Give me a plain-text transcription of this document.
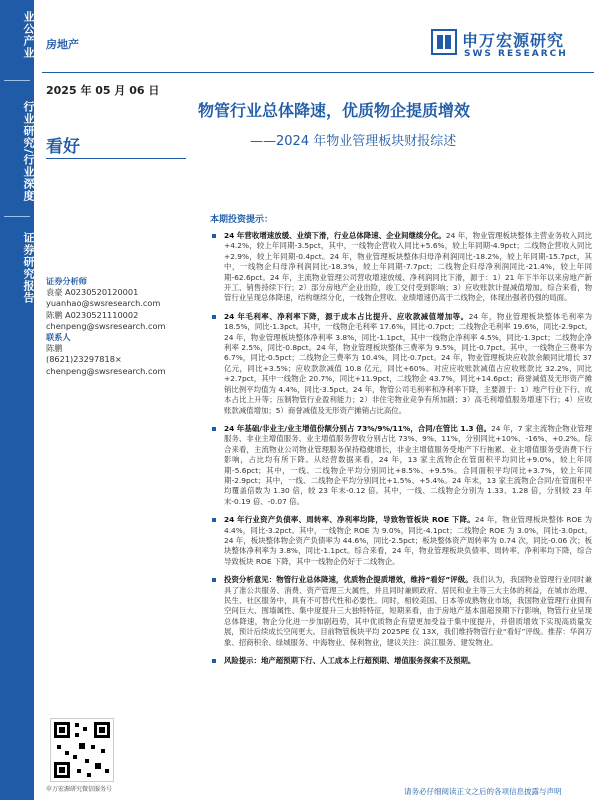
业公产业
行业研究/行业深度
证券研究报告
房地产	申万宏源研究
SWS RESEARCH
2025 年 05 月 06 日
物管行业总体降速，优质物企提质增效
——2024 年物业管理板块财报综述
看好
证券分析师
袁豪 A0230520120001
yuanhao@swsresearch.com
陈鹏 A0230521110002
chenpeng@swsresearch.com
联系人
陈鹏
(8621)23297818×
chenpeng@swsresearch.com
申万宏源研究微信服务号
本期投资提示：
24 年营收增速放缓、业绩下滑，行业总体降速、企业间继续分化。24 年，物业管理板块整体主营业务收入同比+4.2%，较上年同期-3.5pct，其中，一线物企营收入同比+5.6%，较上年同期-4.9pct；二线物企营收入同比+2.9%，较上年同期-0.4pct。24 年，物业管理板块整体归母净利润同比-18.2%，较上年同期-15.7pct，其中，一线物企归母净利润同比-18.3%，较上年同期-7.7pct；二线物企归母净利润同比-21.4%，较上年同期-62.6pct。24 年，主流物业管理公司营收增速放缓、净利润同比下滑，源于：1）21 年下半年以来房地产新开工、销售持续下行；2）部分房地产企业出险，竣工交付受到影响；3）应收账款计提减值增加。综合来看，物管行业呈现总体降速，结构继续分化，一线物企营收、业绩增速仍高于二线物企，体现出强者仍强的局面。
24 年毛利率、净利率下降，源于成本占比提升、应收款减值增加等。24 年，物业管理板块整体毛利率为 18.5%，同比-1.3pct。其中，一线物企毛利率 17.6%，同比-0.7pct；二线物企毛利率 19.6%，同比-2.9pct。24 年，物业管理板块整体净利率 3.8%，同比-1.1pct，其中一线物企净利率 4.5%，同比-1.3pct；二线物企净利率 2.5%，同比-0.8pct。24 年，物业管理板块整体三费率为 9.5%，同比-0.7pct。其中，一线物企三费率为 6.7%，同比-0.5pct；二线物企三费率为 10.4%，同比-0.7pct。24 年，物业管理板块应收款余额同比增长 37 亿元，同比+3.5%；应收款款减值 10.8 亿元，同比+60%。对应应收账款减值占应收账款比 32.2%，同比+2.7pct，其中一线物企 20.7%，同比+11.9pct，二线物企 43.7%，同比+14.6pct；商誉减值及无形资产摊销比例平均值为 4.4%，同比-3.5pct。24 年，物管公司毛利率和净利率下降，主要源于：1）地产行业下行、成本占比上升等；压制物管行业盈利能力；2）非住宅物业竞争有所加剧；3）高毛利增值服务增速下行；4）应收账款减值增加；5）商誉减值及无形资产摊销占比高位。
24 年基础/非业主/业主增值份额分别占 73%/9%/11%，合同/在管比 1.3 倍。24 年，7 家主流物企物业管理服务、非业主增值服务、业主增值服务营收分别占比 73%、9%、11%，分别同比+10%、-16%、+0.2%。综合来看，主流物业公司物业管理服务保持稳健增长，非业主增值服务受地产下行拖累、业主增值服务受消费下行影响，占比均有所下降。从经营数据来看，24 年，13 家主流物企在管面积平均同比+9.0%，较上年同期-5.6pct；其中，一线、二线物企平均分别同比+8.5%、+9.5%。合同面积平均同比+3.7%，较上年同期-2.9pct；其中，一线、二线物企平均分别同比+1.5%、+5.4%。24 年末，13 家主流物企合同/在管面积平均覆盖倍数为 1.30 倍，较 23 年末-0.12 倍。其中，一线、二线物企分别为 1.33、1.28 倍，分别较 23 年末-0.19 倍、-0.07 倍。
24 年行业资产负债率、周转率、净利率均降，导致物管板块 ROE 下降。24 年，物业管理板块整体 ROE 为 4.4%，同比-3.2pct。其中，一线物企 ROE 为 9.0%，同比-4.1pct；二线物企 ROE 为 3.0%，同比-3.0pct。24 年，板块整体物企资产负债率为 44.6%，同比-2.5pct；板块整体资产周转率为 0.74 次，同比-0.06 次；板块整体净利率为 3.8%，同比-1.1pct。综合来看，24 年，物业管理板块负债率、周转率、净利率均下降，综合导致板块 ROE 下降，其中一线物企仍好于二线物企。
投资分析意见：物管行业总体降速，优质物企提质增效，维持“看好”评级。我们认为，我国物业管理行业同时兼具了准公共服务、消费、资产管理三大属性，并且同时兼顾政府、居民和业主等三大主体的利益，在城市治理、民生、社区服务中，具有不可替代性和必要性。同时，相较美国、日本等成熟物业市场，我国物业管理行业拥有空间巨大、围墙属性、集中度提升三大独特特征，短期来看，由于房地产基本面超预期下行影响，物管行业呈现总体降速，物企分化进一步加剧趋势，其中优质物企有望更加受益于集中度提升，并借质增效下实现高质量发展，预计后续成长空间更大。目前物管板块平均 2025PE 仅 13X，我们维持物管行业“看好”评级。推荐：华润万象、招商积余、绿城服务、中海物业、保利物业，建议关注：滨江服务、建发物业。
风险提示：地产超预期下行、人工成本上行超预期、增值服务探索不及预期。
请务必仔细阅读正文之后的各项信息披露与声明
